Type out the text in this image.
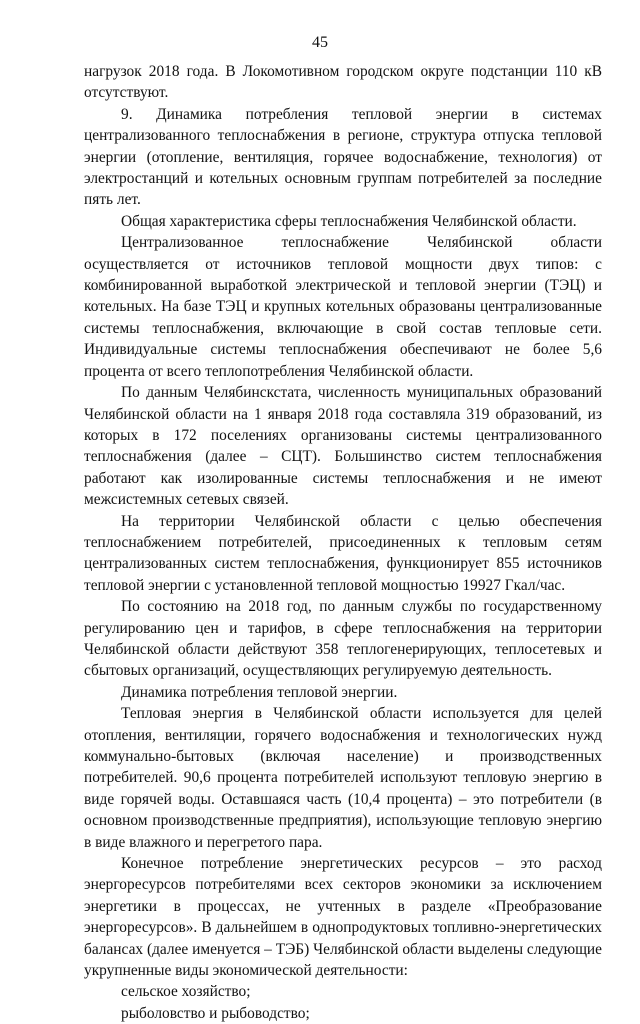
45

нагрузок 2018 года. В Локомотивном городском округе подстанции 110 кВ отсутствуют.

9. Динамика потребления тепловой энергии в системах централизованного теплоснабжения в регионе, структура отпуска тепловой энергии (отопление, вентиляция, горячее водоснабжение, технология) от электростанций и котельных основным группам потребителей за последние пять лет.

Общая характеристика сферы теплоснабжения Челябинской области.

Централизованное теплоснабжение Челябинской области осуществляется от источников тепловой мощности двух типов: с комбинированной выработкой электрической и тепловой энергии (ТЭЦ) и котельных. На базе ТЭЦ и крупных котельных образованы централизованные системы теплоснабжения, включающие в свой состав тепловые сети. Индивидуальные системы теплоснабжения обеспечивают не более 5,6 процента от всего теплопотребления Челябинской области.

По данным Челябинскстата, численность муниципальных образований Челябинской области на 1 января 2018 года составляла 319 образований, из которых в 172 поселениях организованы системы централизованного теплоснабжения (далее – СЦТ). Большинство систем теплоснабжения работают как изолированные системы теплоснабжения и не имеют межсистемных сетевых связей.

На территории Челябинской области с целью обеспечения теплоснабжением потребителей, присоединенных к тепловым сетям централизованных систем теплоснабжения, функционирует 855 источников тепловой энергии с установленной тепловой мощностью 19927 Гкал/час.

По состоянию на 2018 год, по данным службы по государственному регулированию цен и тарифов, в сфере теплоснабжения на территории Челябинской области действуют 358 теплогенерирующих, теплосетевых и сбытовых организаций, осуществляющих регулируемую деятельность.

Динамика потребления тепловой энергии.

Тепловая энергия в Челябинской области используется для целей отопления, вентиляции, горячего водоснабжения и технологических нужд коммунально-бытовых (включая население) и производственных потребителей. 90,6 процента потребителей используют тепловую энергию в виде горячей воды. Оставшаяся часть (10,4 процента) – это потребители (в основном производственные предприятия), использующие тепловую энергию в виде влажного и перегретого пара.

Конечное потребление энергетических ресурсов – это расход энергоресурсов потребителями всех секторов экономики за исключением энергетики в процессах, не учтенных в разделе «Преобразование энергоресурсов». В дальнейшем в однопродуктовых топливно-энергетических балансах (далее именуется – ТЭБ) Челябинской области выделены следующие укрупненные виды экономической деятельности:

сельское хозяйство;

рыболовство и рыбоводство;
